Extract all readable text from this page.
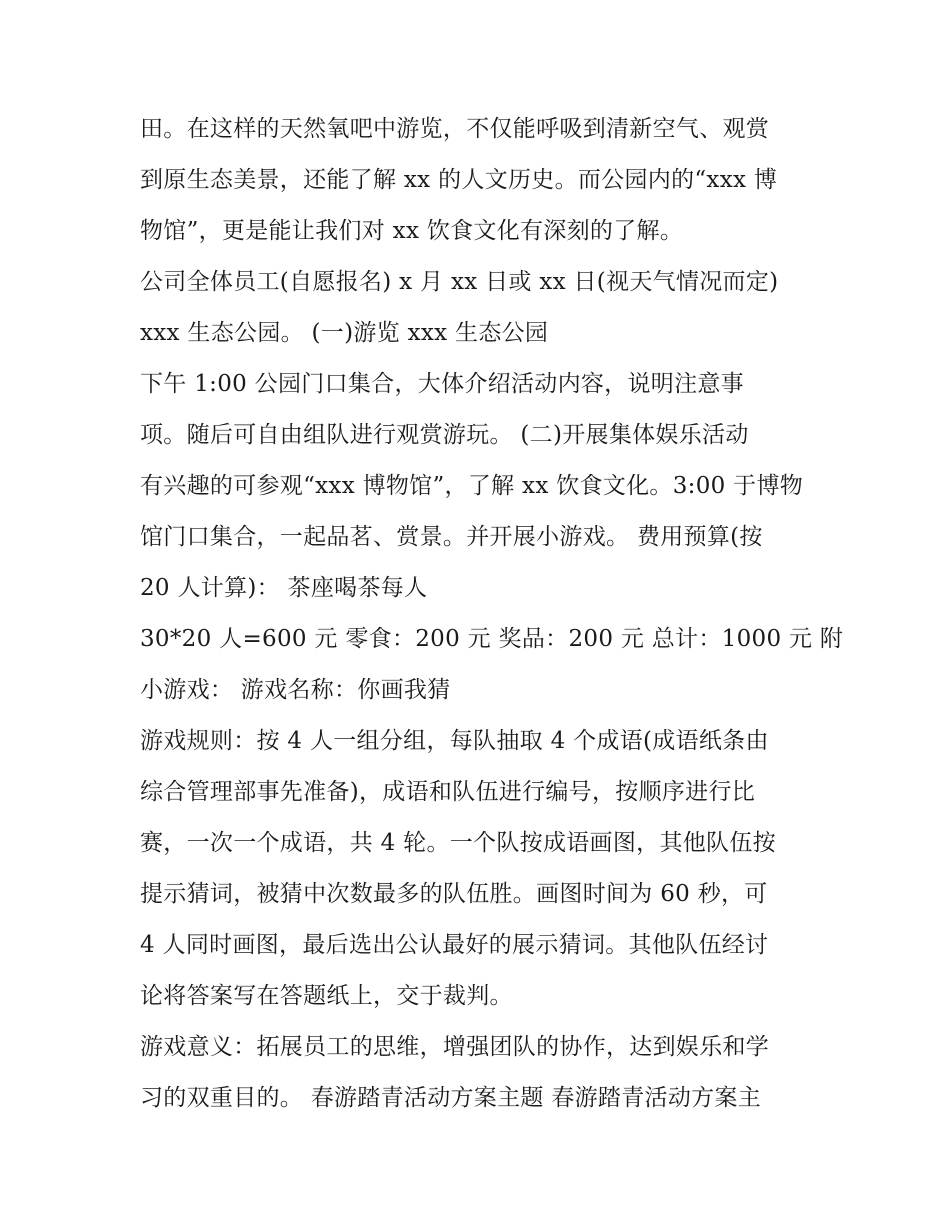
田。在这样的天然氧吧中游览，不仅能呼吸到清新空气、观赏
到原生态美景，还能了解 xx 的人文历史。而公园内的“xxx 博
物馆”，更是能让我们对 xx 饮食文化有深刻的了解。
公司全体员工(自愿报名) x 月 xx 日或 xx 日(视天气情况而定)
xxx 生态公园。 (一)游览 xxx 生态公园
下午 1:00 公园门口集合，大体介绍活动内容，说明注意事
项。随后可自由组队进行观赏游玩。 (二)开展集体娱乐活动
有兴趣的可参观“xxx 博物馆”，了解 xx 饮食文化。3:00 于博物
馆门口集合，一起品茗、赏景。并开展小游戏。 费用预算(按
20 人计算)： 茶座喝茶每人
30*20 人=600 元 零食：200 元 奖品：200 元 总计：1000 元 附
小游戏： 游戏名称：你画我猜
游戏规则：按 4 人一组分组，每队抽取 4 个成语(成语纸条由
综合管理部事先准备)，成语和队伍进行编号，按顺序进行比
赛，一次一个成语，共 4 轮。一个队按成语画图，其他队伍按
提示猜词，被猜中次数最多的队伍胜。画图时间为 60 秒，可
4 人同时画图，最后选出公认最好的展示猜词。其他队伍经讨
论将答案写在答题纸上，交于裁判。
游戏意义：拓展员工的思维，增强团队的协作，达到娱乐和学
习的双重目的。 春游踏青活动方案主题 春游踏青活动方案主
